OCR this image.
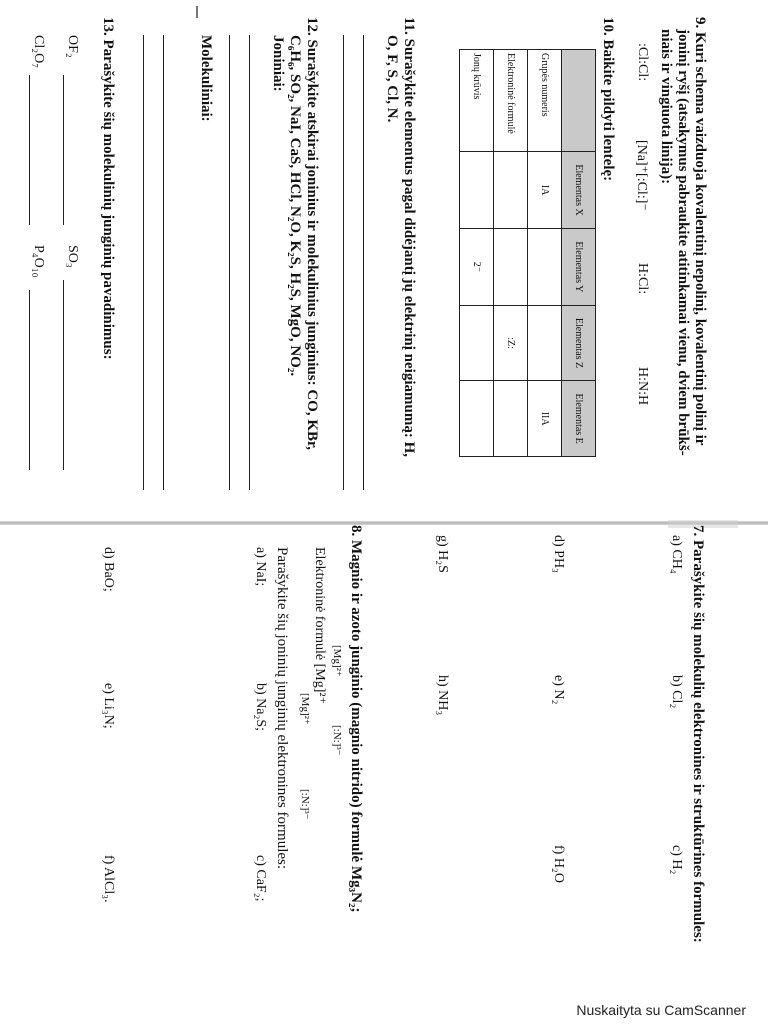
9. Kuri schema vaizduoja kovalentinį nepolinį, kovalentinį polinį ir
joninį ryšį (atsakymus pabraukite atitinkamai vienu, dviem brūkš-
niais ir vingiuota linija):
:Cl:Cl:
[Na]⁺[:Cl:]⁻
H:Cl:
H:N:H
10. Baikite pildyti lentelę:
	Elementas X	Elementas Y	Elementas Z	Elementas E
Grupės numeris	IA			IIA
Elektroninė formulė			:Z:	
Jonų krūvis		2⁻		
11. Surašykite elementus pagal didėjantį jų elektrinį neigiamumą: H,
O, F, S, Cl, N.
12. Surašykite atskirai joninius ir molekulinius junginius: CO, KBr,
C₆H₆, SO₂, NaI, CaS, HCl, N₂O, K₂S, H₂S, MgO, NO₂.
Joniniai:
Molekuliniai:
13. Parašykite šių molekulinių junginių pavadinimus:
OF₂
SO₃
Cl₂O₇
P₄O₁₀
7. Parašykite šių molekulių elektronines ir struktūrines formules:
a) CH₄
b) Cl₂
c) H₂
d) PH₃
e) N₂
f) H₂O
g) H₂S
h) NH₃
8. Magnio ir azoto junginio (magnio nitrido) formulė Mg₃N₂;
[Mg]²⁺
[:N:]³⁻
Elektroninė formulė [Mg]²⁺
[Mg]²⁺
[:N:]³⁻
Parašykite šių joninių junginių elektronines formules:
a) NaI;
b) Na₂S;
c) CaF₂;
d) BaO;
e) Li₃N;
f) AlCl₃.
Nuskaityta su CamScanner
